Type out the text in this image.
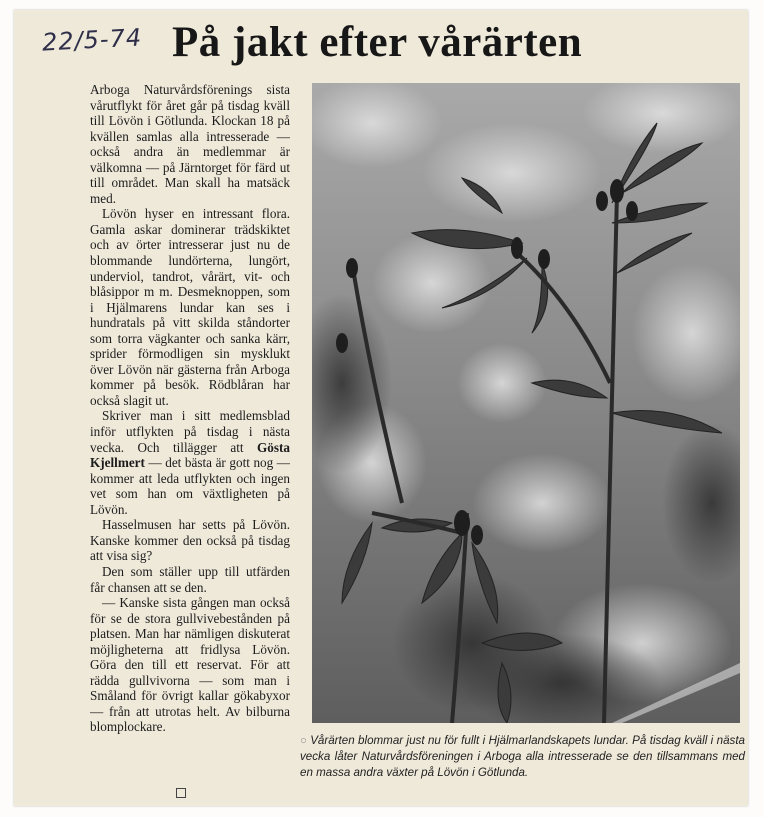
22/5-74 På jakt efter vårärten

Arboga Naturvårdsförenings sista vårutflykt för året går på tisdag kväll till Lövön i Götlunda. Klockan 18 på kvällen samlas alla intresserade — också andra än medlemmar är välkomna — på Järntorget för färd ut till området. Man skall ha matsäck med.

Lövön hyser en intressant flora. Gamla askar dominerar trädskiktet och av örter intresserar just nu de blommande lundörterna, lungört, underviol, tandrot, vårärt, vit- och blåsippor m m. Desmeknoppen, som i Hjälmarens lundar kan ses i hundratals på vitt skilda ståndorter som torra vägkanter och sanka kärr, sprider förmodligen sin mysklukt över Lövön när gästerna från Arboga kommer på besök. Rödblåran har också slagit ut.

Skriver man i sitt medlemsblad inför utflykten på tisdag i nästa vecka. Och tillägger att Gösta Kjellmert — det bästa är gott nog — kommer att leda utflykten och ingen vet som han om växtligheten på Lövön.

Hasselmusen har setts på Lövön. Kanske kommer den också på tisdag att visa sig?

Den som ställer upp till utfärden får chansen att se den.

— Kanske sista gången man också för se de stora gullvivebestånden på platsen. Man har nämligen diskuterat möjligheterna att fridlysa Lövön. Göra den till ett reservat. För att rädda gullvivorna — som man i Småland för övrigt kallar gökabyxor — från att utrotas helt. Av bilburna blomplockare.

○ Vårärten blommar just nu för fullt i Hjälmarlandskapets lundar. På tisdag kväll i nästa vecka låter Naturvårdsföreningen i Arboga alla intresserade se den tillsammans med en massa andra växter på Lövön i Götlunda.
